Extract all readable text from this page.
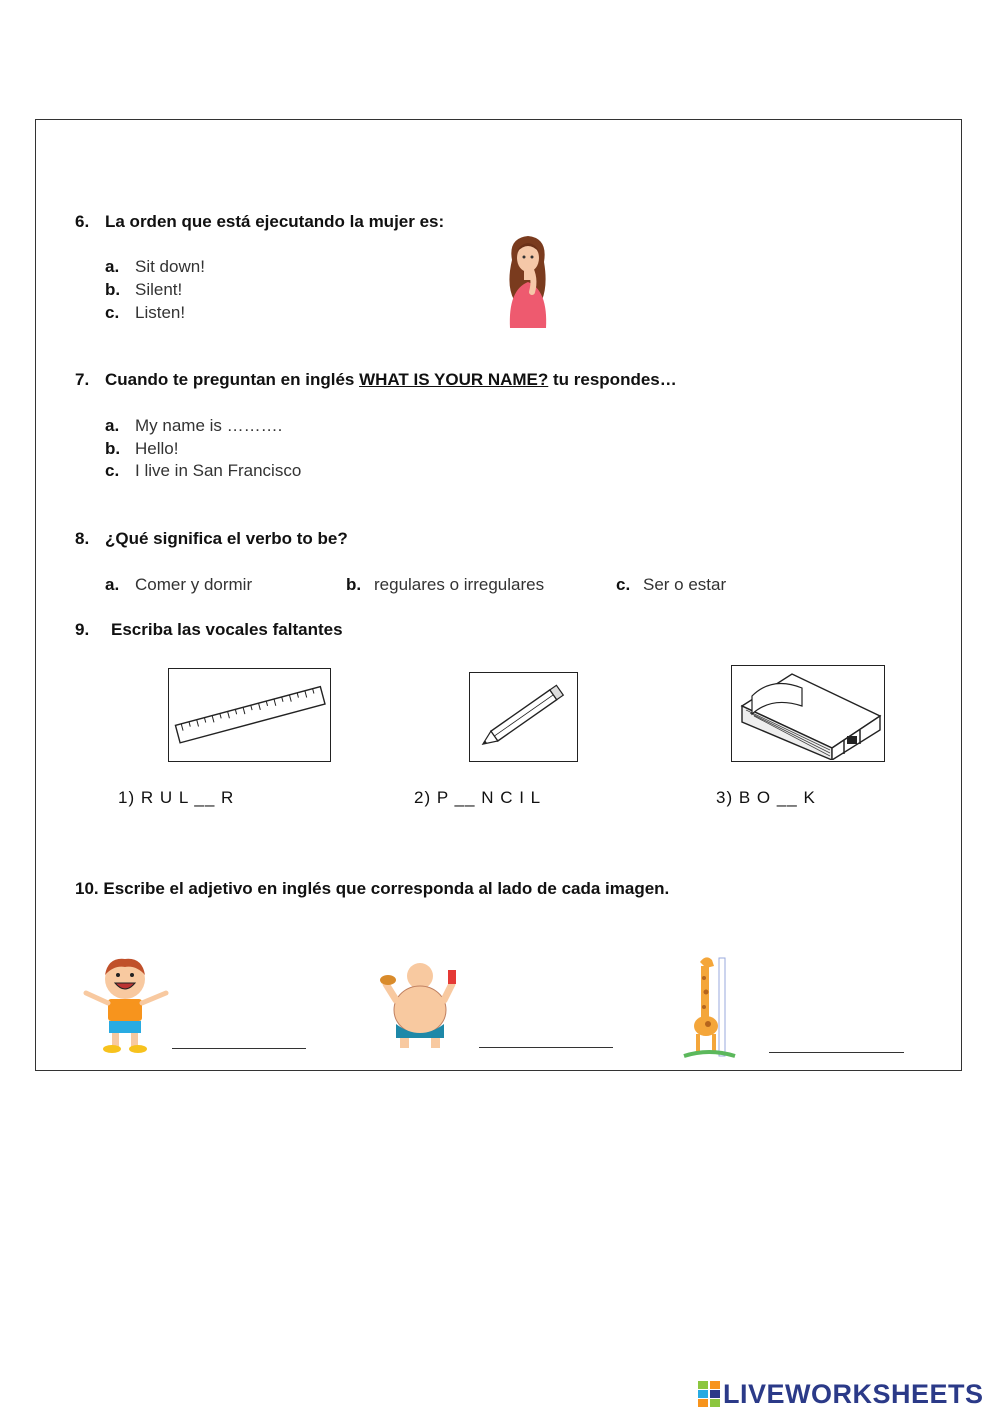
6. La orden que está ejecutando la mujer es:
a. Sit down!
b. Silent!
c. Listen!
7. Cuando te preguntan en inglés WHAT IS YOUR NAME? tu respondes…
a. My name is ……….
b. Hello!
c. I live in San Francisco
8. ¿Qué significa el verbo to be?
a. Comer y dormir	b. regulares o irregulares	c. Ser o estar
9. Escriba las vocales faltantes
1) R U L __ R	2) P __ N C I L	3) B O __ K
10. Escribe el adjetivo en inglés que corresponda al lado de cada imagen.
LIVEWORKSHEETS
